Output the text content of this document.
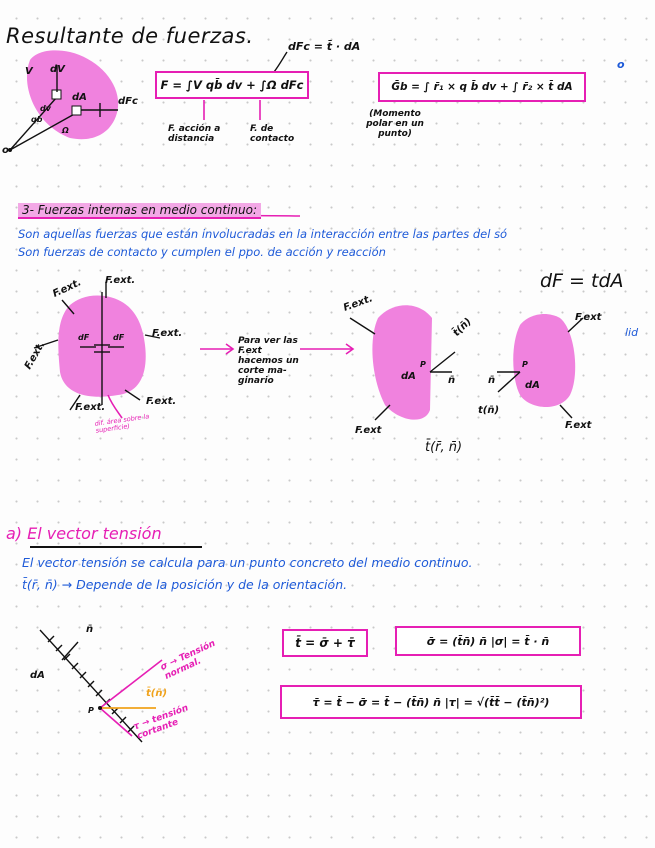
Resultante de fuerzas.
V dV
dA	dFc
qb
dv
Ω
o
dFc = t̄ · dA
F = ∫V qb̄ dv + ∫Ω dFc
F. acción a distancia
F. de contacto
Ḡb = ∫ r̄₁ × q b̄ dv + ∫ r̄₂ × t̄ dA
(Momento polar en un punto)
o
3- Fuerzas internas en medio continuo:
Son aquellas fuerzas que están involucradas en la interacción entre las partes del só
Son fuerzas de contacto y cumplen el ppo. de acción y reacción
dF = tdA
lid
F.ext. F.ext.
F.ext.
F.ext.
F.ext.
F.ext.
dF	dF
dif. área sobre la superficie)
Para ver las F.ext hacemos un corte ma- ginario
F.ext.
F.ext
t̄(n̄)
n̄
dA
P
n̄
t(n̄)
dA
P
F.ext
F.ext
t̄(r̄, n̄)
a) El vector tensión
El vector tensión se calcula para un punto concreto del medio continuo.
t̄(r̄, n̄) → Depende de la posición y de la orientación.
n̄
dA
P
σ → Tensión normal.
t̄(n̄)
τ → tensión cortante
t̄ = σ̄ + τ̄	σ̄ = (t̄n̄) n̄ |σ| = t̄ · n̄
τ̄ = t̄ − σ̄ = t̄ − (t̄n̄) n̄ |τ| = √(t̄t̄ − (t̄n̄)²)
